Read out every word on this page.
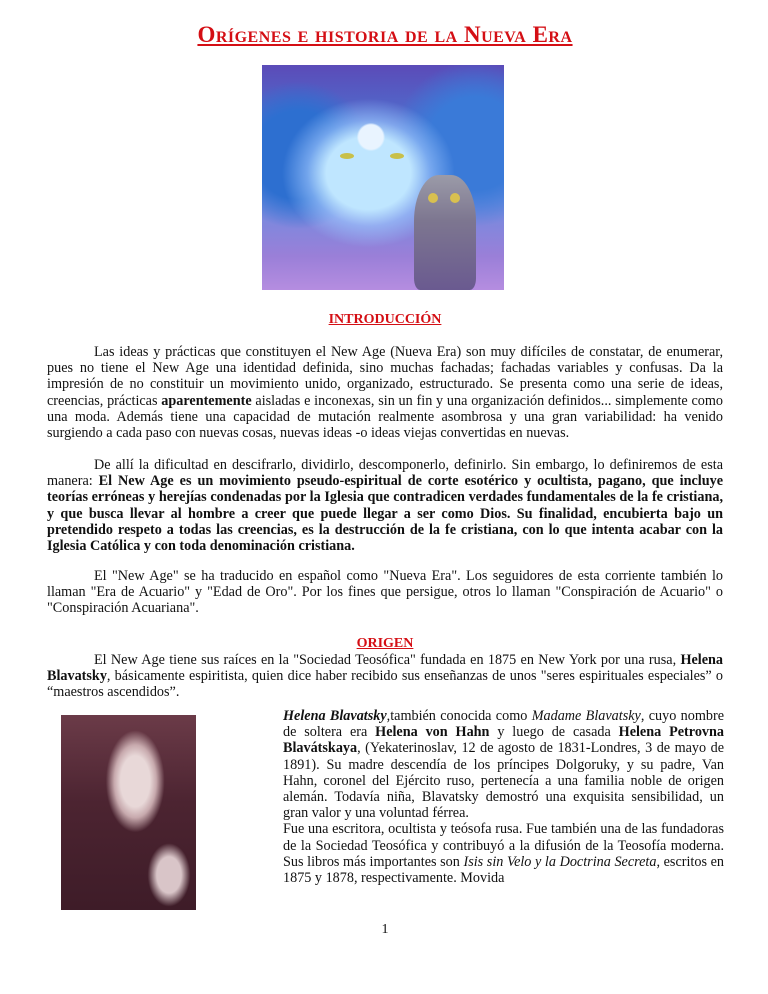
Orígenes e historia de la Nueva Era
INTRODUCCIÓN

Las ideas y prácticas que constituyen el New Age (Nueva Era) son muy difíciles de constatar, de enumerar, pues no tiene el New Age una identidad definida, sino muchas fachadas; fachadas variables y confusas. Da la impresión de no constituir un movimiento unido, organizado, estructurado. Se presenta como una serie de ideas, creencias, prácticas aparentemente aisladas e inconexas, sin un fin y una organización definidos... simplemente como una moda. Además tiene una capacidad de mutación realmente asombrosa y una gran variabilidad: ha venido surgiendo a cada paso con nuevas cosas, nuevas ideas -o ideas viejas convertidas en nuevas.

De allí la dificultad en descifrarlo, dividirlo, descomponerlo, definirlo. Sin embargo, lo definiremos de esta manera: El New Age es un movimiento pseudo-espiritual de corte esotérico y ocultista, pagano, que incluye teorías erróneas y herejías condenadas por la Iglesia que contradicen verdades fundamentales de la fe cristiana, y que busca llevar al hombre a creer que puede llegar a ser como Dios. Su finalidad, encubierta bajo un pretendido respeto a todas las creencias, es la destrucción de la fe cristiana, con lo que intenta acabar con la Iglesia Católica y con toda denominación cristiana.

El "New Age" se ha traducido en español como "Nueva Era". Los seguidores de esta corriente también lo llaman "Era de Acuario" y "Edad de Oro". Por los fines que persigue, otros lo llaman "Conspiración de Acuario" o "Conspiración Acuariana".

ORIGEN

El New Age tiene sus raíces en la "Sociedad Teosófica" fundada en 1875 en New York por una rusa, Helena Blavatsky, básicamente espiritista, quien dice haber recibido sus enseñanzas de unos "seres espirituales especiales” o “maestros ascendidos”.

Helena Blavatsky,también conocida como Madame Blavatsky, cuyo nombre de soltera era Helena von Hahn y luego de casada Helena Petrovna Blavátskaya, (Yekaterinoslav, 12 de agosto de 1831-Londres, 3 de mayo de 1891). Su madre descendía de los príncipes Dolgoruky, y su padre, Van Hahn, coronel del Ejército ruso, pertenecía a una familia noble de origen alemán. Todavía niña, Blavatsky demostró una exquisita sensibilidad, un gran valor y una voluntad férrea.

Fue una escritora, ocultista y teósofa rusa. Fue también una de las fundadoras de la Sociedad Teosófica y contribuyó a la difusión de la Teosofía moderna. Sus libros más importantes son Isis sin Velo y la Doctrina Secreta, escritos en 1875 y 1878, respectivamente. Movida

1
